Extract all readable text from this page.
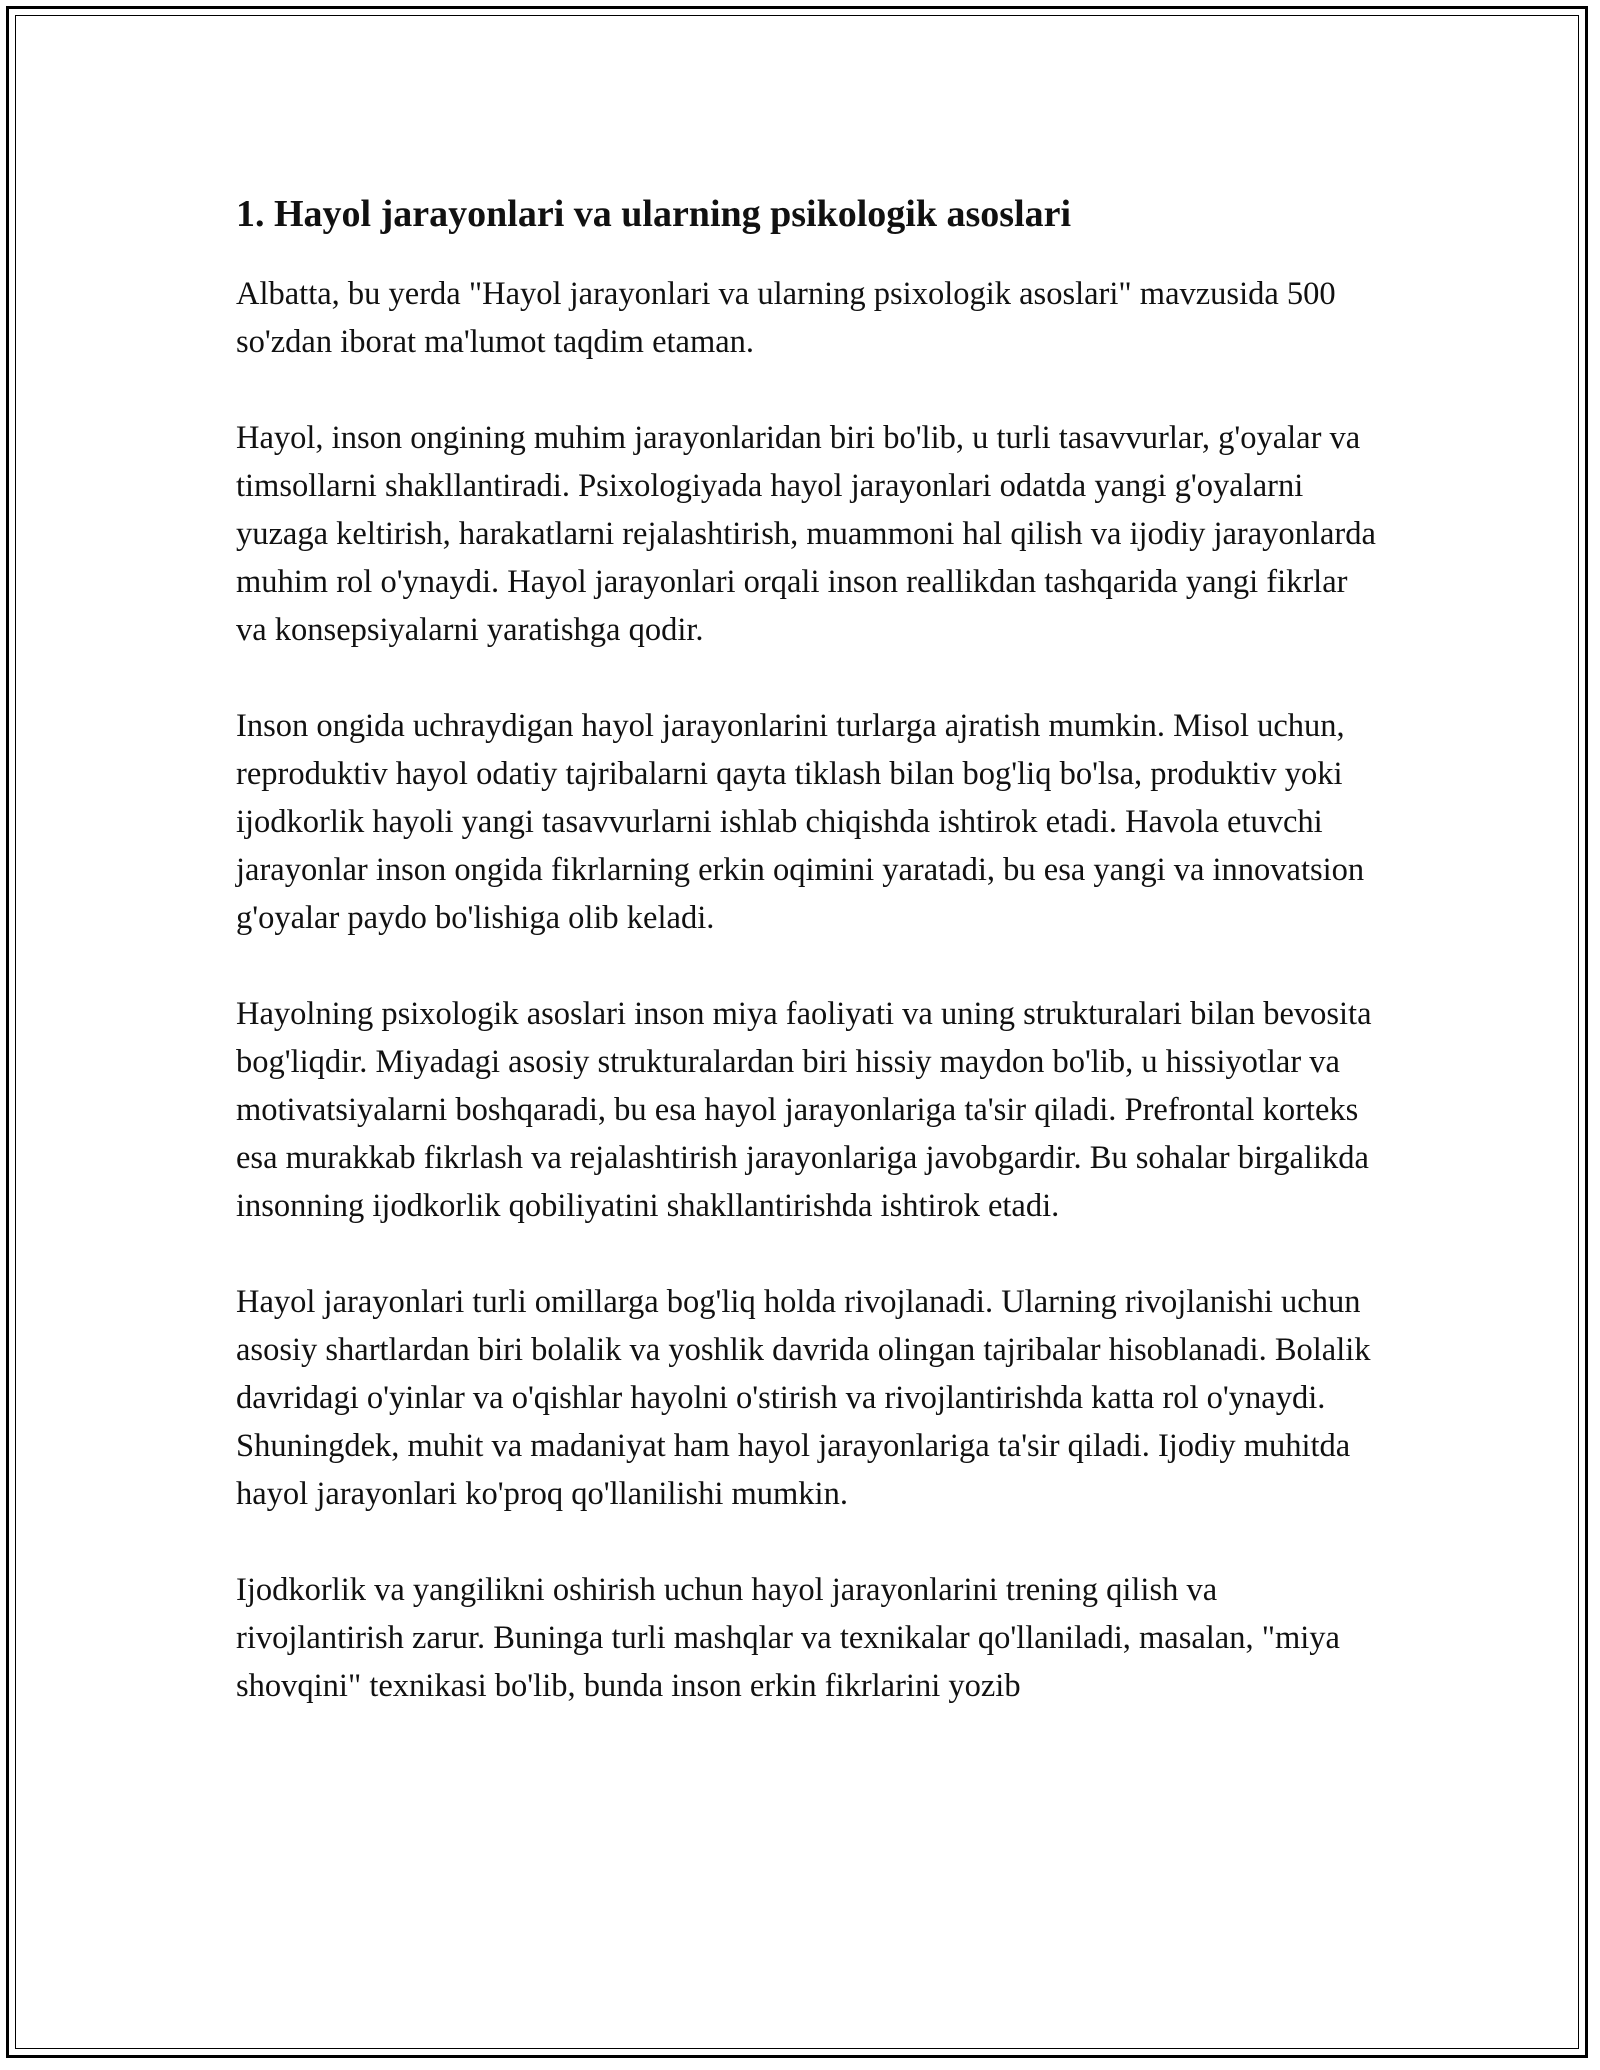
1. Hayol jarayonlari va ularning psikologik asoslari

Albatta, bu yerda "Hayol jarayonlari va ularning psixologik asoslari" mavzusida 500 so'zdan iborat ma'lumot taqdim etaman.

Hayol, inson ongining muhim jarayonlaridan biri bo'lib, u turli tasavvurlar, g'oyalar va timsollarni shakllantiradi. Psixologiyada hayol jarayonlari odatda yangi g'oyalarni yuzaga keltirish, harakatlarni rejalashtirish, muammoni hal qilish va ijodiy jarayonlarda muhim rol o'ynaydi. Hayol jarayonlari orqali inson reallikdan tashqarida yangi fikrlar va konsepsiyalarni yaratishga qodir.

Inson ongida uchraydigan hayol jarayonlarini turlarga ajratish mumkin. Misol uchun, reproduktiv hayol odatiy tajribalarni qayta tiklash bilan bog'liq bo'lsa, produktiv yoki ijodkorlik hayoli yangi tasavvurlarni ishlab chiqishda ishtirok etadi. Havola etuvchi jarayonlar inson ongida fikrlarning erkin oqimini yaratadi, bu esa yangi va innovatsion g'oyalar paydo bo'lishiga olib keladi.

Hayolning psixologik asoslari inson miya faoliyati va uning strukturalari bilan bevosita bog'liqdir. Miyadagi asosiy strukturalardan biri hissiy maydon bo'lib, u hissiyotlar va motivatsiyalarni boshqaradi, bu esa hayol jarayonlariga ta'sir qiladi. Prefrontal korteks esa murakkab fikrlash va rejalashtirish jarayonlariga javobgardir. Bu sohalar birgalikda insonning ijodkorlik qobiliyatini shakllantirishda ishtirok etadi.

Hayol jarayonlari turli omillarga bog'liq holda rivojlanadi. Ularning rivojlanishi uchun asosiy shartlardan biri bolalik va yoshlik davrida olingan tajribalar hisoblanadi. Bolalik davridagi o'yinlar va o'qishlar hayolni o'stirish va rivojlantirishda katta rol o'ynaydi. Shuningdek, muhit va madaniyat ham hayol jarayonlariga ta'sir qiladi. Ijodiy muhitda hayol jarayonlari ko'proq qo'llanilishi mumkin.

Ijodkorlik va yangilikni oshirish uchun hayol jarayonlarini trening qilish va rivojlantirish zarur. Buninga turli mashqlar va texnikalar qo'llaniladi, masalan, "miya shovqini" texnikasi bo'lib, bunda inson erkin fikrlarini yozib
